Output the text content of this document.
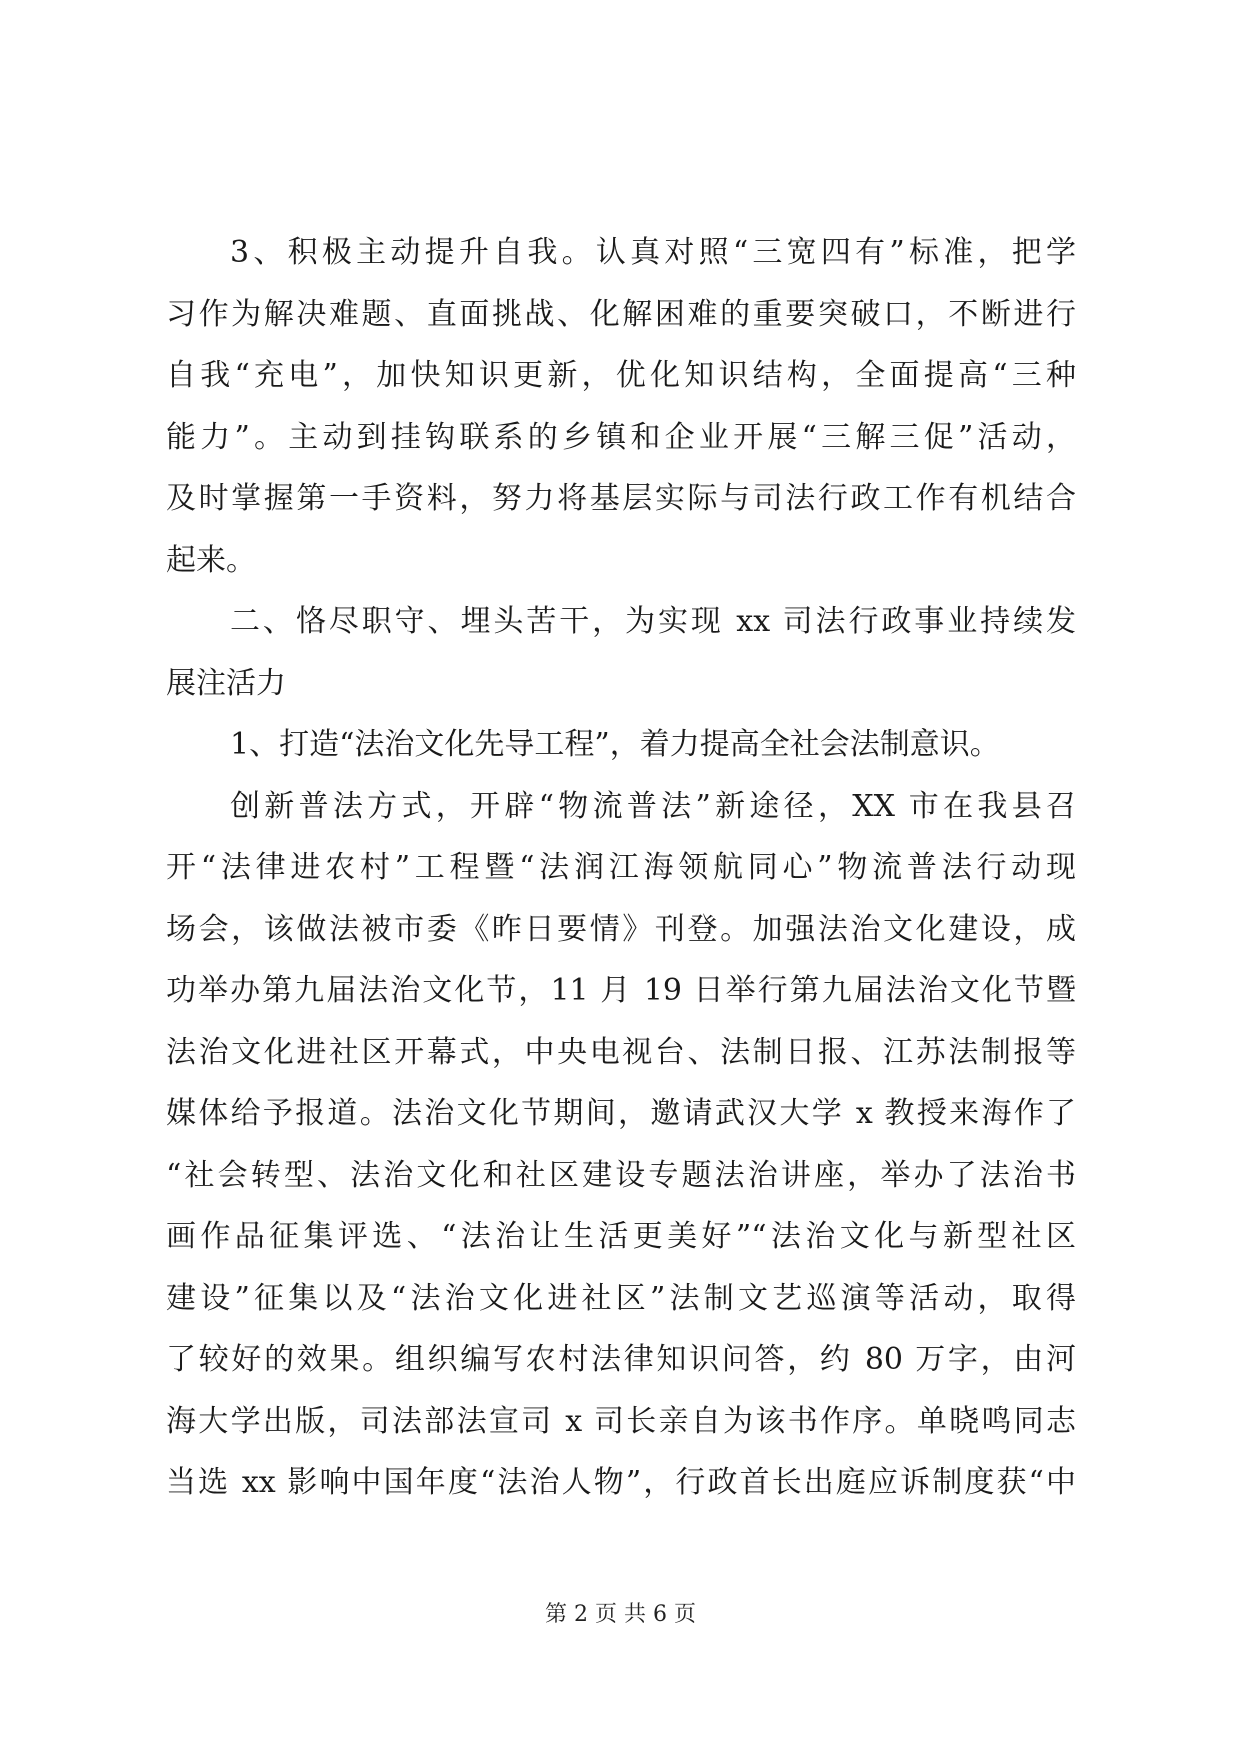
3、积极主动提升自我。认真对照“三宽四有”标准，把学
习作为解决难题、直面挑战、化解困难的重要突破口，不断进行
自我“充电”，加快知识更新，优化知识结构，全面提高“三种
能力”。主动到挂钩联系的乡镇和企业开展“三解三促”活动，
及时掌握第一手资料，努力将基层实际与司法行政工作有机结合
起来。
二、恪尽职守、埋头苦干，为实现 xx 司法行政事业持续发
展注活力
1、打造“法治文化先导工程”，着力提高全社会法制意识。
创新普法方式，开辟“物流普法”新途径，XX 市在我县召
开“法律进农村”工程暨“法润江海领航同心”物流普法行动现
场会，该做法被市委《昨日要情》刊登。加强法治文化建设，成
功举办第九届法治文化节，11 月 19 日举行第九届法治文化节暨
法治文化进社区开幕式，中央电视台、法制日报、江苏法制报等
媒体给予报道。法治文化节期间，邀请武汉大学 x 教授来海作了
“社会转型、法治文化和社区建设专题法治讲座，举办了法治书
画作品征集评选、“法治让生活更美好”“法治文化与新型社区
建设”征集以及“法治文化进社区”法制文艺巡演等活动，取得
了较好的效果。组织编写农村法律知识问答，约 80 万字，由河
海大学出版，司法部法宣司 x 司长亲自为该书作序。单晓鸣同志
当选 xx 影响中国年度“法治人物”，行政首长出庭应诉制度获“中
第 2 页 共 6 页
